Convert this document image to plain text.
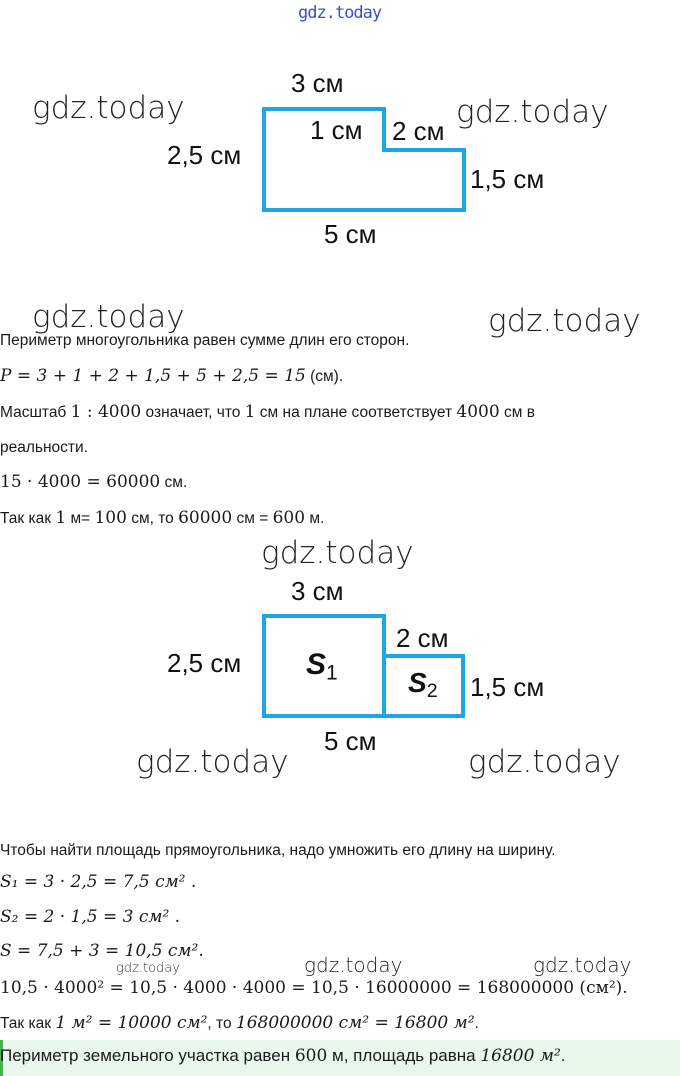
gdz.today
3 см
1 см 2 см
2,5 см
1,5 см
5 см
gdz.today	gdz.today
gdz.today	gdz.today
Периметр многоугольника равен сумме длин его сторон.
P = 3 + 1 + 2 + 1,5 + 5 + 2,5 = 15 (см).
Масштаб 1 : 4000 означает, что 1 см на плане соответствует 4000 см в
реальности.
15 · 4000 = 60000 см.
Так как 1 м= 100 см, то 60000 см = 600 м.
gdz.today
3 см
2 см
2,5 см
1,5 см
5 см
$S_1$	$S_2$
gdz.today	gdz.today
Чтобы найти площадь прямоугольника, надо умножить его длину на ширину.
S₁ = 3 · 2,5 = 7,5 см² .
S₂ = 2 · 1,5 = 3 см² .
S = 7,5 + 3 = 10,5 см².
gdz.today	gdz.today	gdz.today
10,5 · 4000² = 10,5 · 4000 · 4000 = 10,5 · 16000000 = 168000000 (см²).
Так как 1 м² = 10000 см², то 168000000 см² = 16800 м².
Периметр земельного участка равен 600 м, площадь равна 16800 м².
